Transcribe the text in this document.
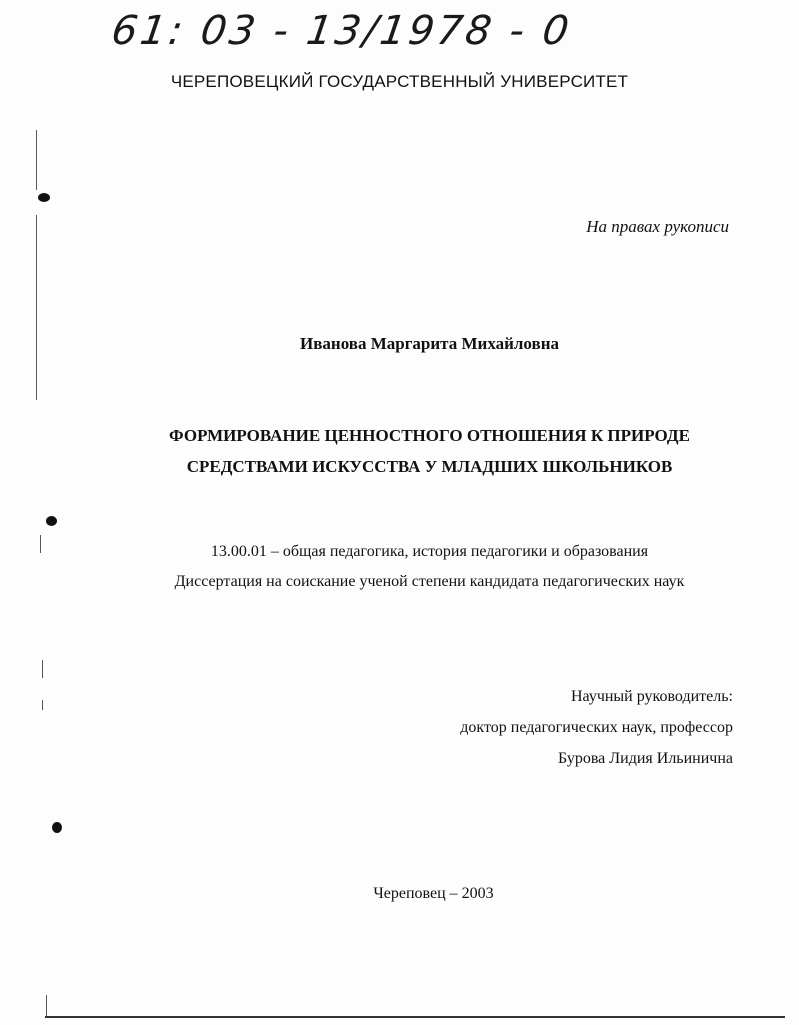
61: 03 - 13/1978 - 0
ЧЕРЕПОВЕЦКИЙ ГОСУДАРСТВЕННЫЙ УНИВЕРСИТЕТ
На правах рукописи
Иванова Маргарита Михайловна
ФОРМИРОВАНИЕ ЦЕННОСТНОГО ОТНОШЕНИЯ К ПРИРОДЕ
СРЕДСТВАМИ ИСКУССТВА У МЛАДШИХ ШКОЛЬНИКОВ
13.00.01 – общая педагогика, история педагогики и образования
Диссертация на соискание ученой степени кандидата педагогических наук
Научный руководитель:
доктор педагогических наук, профессор
Бурова Лидия Ильинична
Череповец – 2003
